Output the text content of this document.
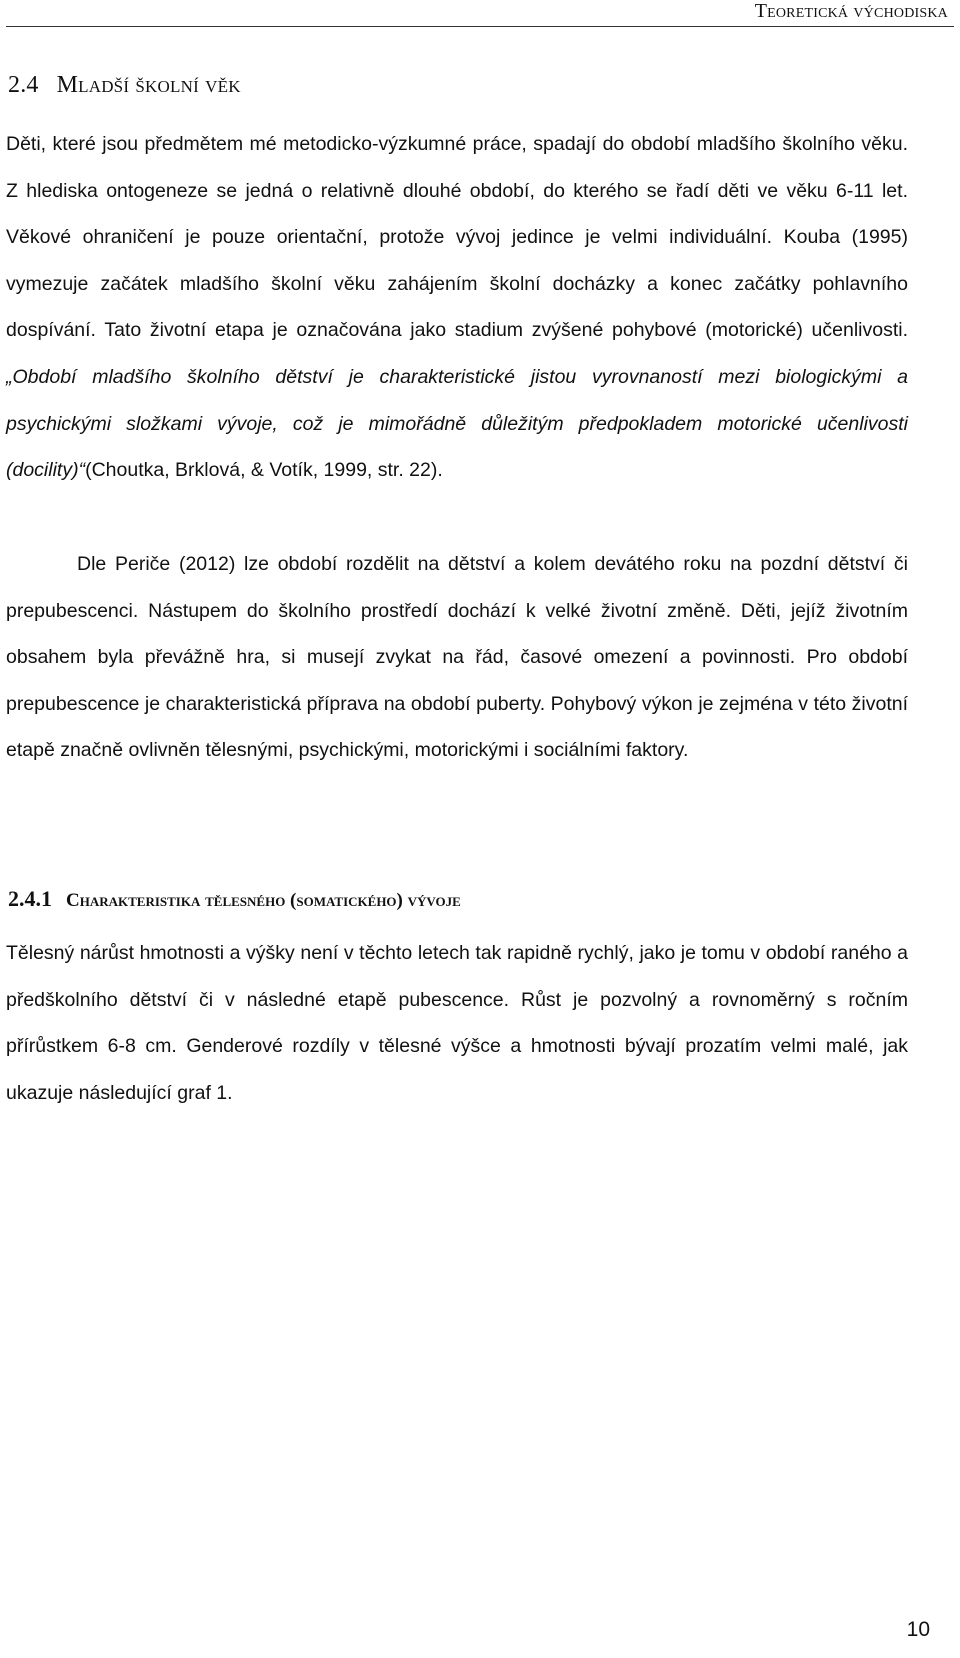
Teoretická východiska
2.4 Mladší školní věk

Děti, které jsou předmětem mé metodicko-výzkumné práce, spadají do období mladšího školního věku. Z hlediska ontogeneze se jedná o relativně dlouhé období, do kterého se řadí děti ve věku 6-11 let. Věkové ohraničení je pouze orientační, protože vývoj jedince je velmi individuální. Kouba (1995) vymezuje začátek mladšího školní věku zahájením školní docházky a konec začátky pohlavního dospívání. Tato životní etapa je označována jako stadium zvýšené pohybové (motorické) učenlivosti. „Období mladšího školního dětství je charakteristické jistou vyrovnaností mezi biologickými a psychickými složkami vývoje, což je mimořádně důležitým předpokladem motorické učenlivosti (docility)“(Choutka, Brklová, & Votík, 1999, str. 22).

Dle Periče (2012) lze období rozdělit na dětství a kolem devátého roku na pozdní dětství či prepubescenci. Nástupem do školního prostředí dochází k velké životní změně. Děti, jejíž životním obsahem byla převážně hra, si musejí zvykat na řád, časové omezení a povinnosti. Pro období prepubescence je charakteristická příprava na období puberty. Pohybový výkon je zejména v této životní etapě značně ovlivněn tělesnými, psychickými, motorickými i sociálními faktory.

2.4.1 Charakteristika tělesného (somatického) vývoje

Tělesný nárůst hmotnosti a výšky není v těchto letech tak rapidně rychlý, jako je tomu v období raného a předškolního dětství či v následné etapě pubescence. Růst je pozvolný a rovnoměrný s ročním přírůstkem 6-8 cm. Genderové rozdíly v tělesné výšce a hmotnosti bývají prozatím velmi malé, jak ukazuje následující graf 1.

10
